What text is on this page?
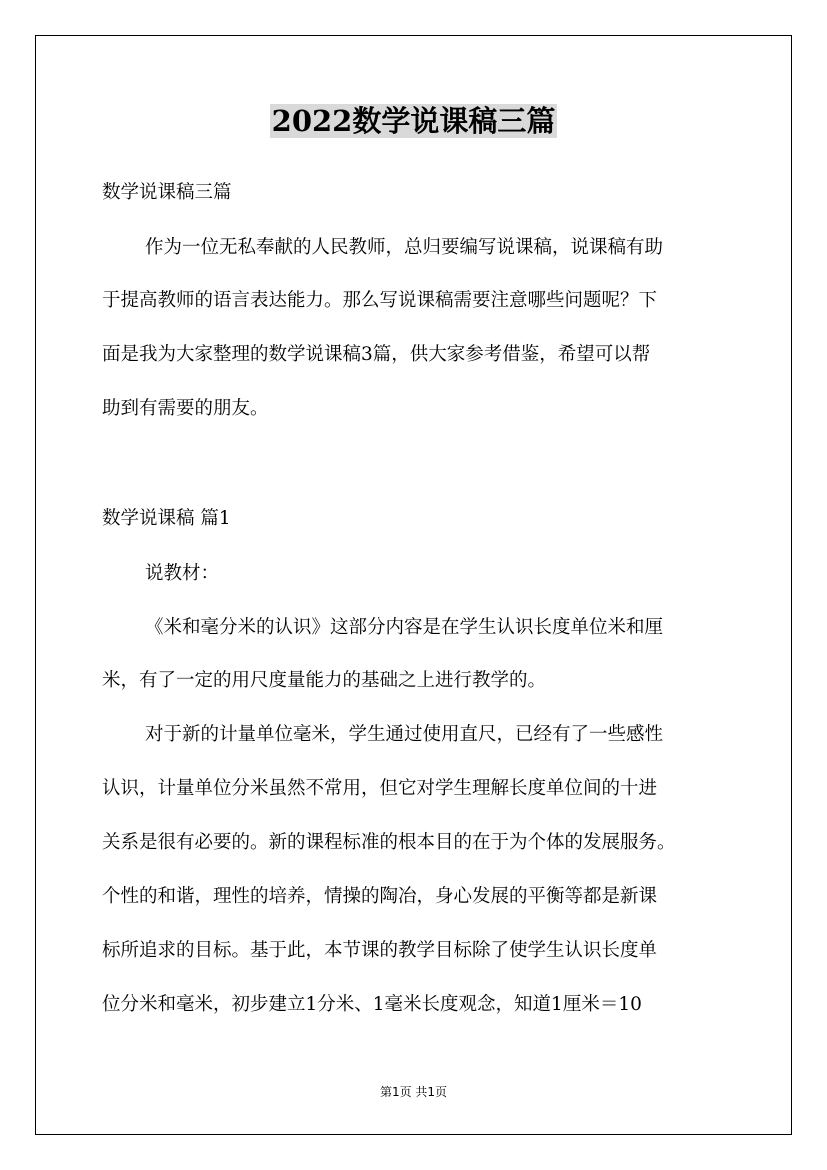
2022数学说课稿三篇

数学说课稿三篇

作为一位无私奉献的人民教师，总归要编写说课稿，说课稿有助

于提高教师的语言表达能力。那么写说课稿需要注意哪些问题呢？下

面是我为大家整理的数学说课稿3篇，供大家参考借鉴，希望可以帮

助到有需要的朋友。

数学说课稿 篇1

说教材：

《米和毫分米的认识》这部分内容是在学生认识长度单位米和厘

米，有了一定的用尺度量能力的基础之上进行教学的。

对于新的计量单位毫米，学生通过使用直尺，已经有了一些感性

认识，计量单位分米虽然不常用，但它对学生理解长度单位间的十进

关系是很有必要的。新的课程标准的根本目的在于为个体的发展服务。

个性的和谐，理性的培养，情操的陶冶，身心发展的平衡等都是新课

标所追求的目标。基于此，本节课的教学目标除了使学生认识长度单

位分米和毫米，初步建立1分米、1毫米长度观念，知道1厘米＝10

第1页 共1页
